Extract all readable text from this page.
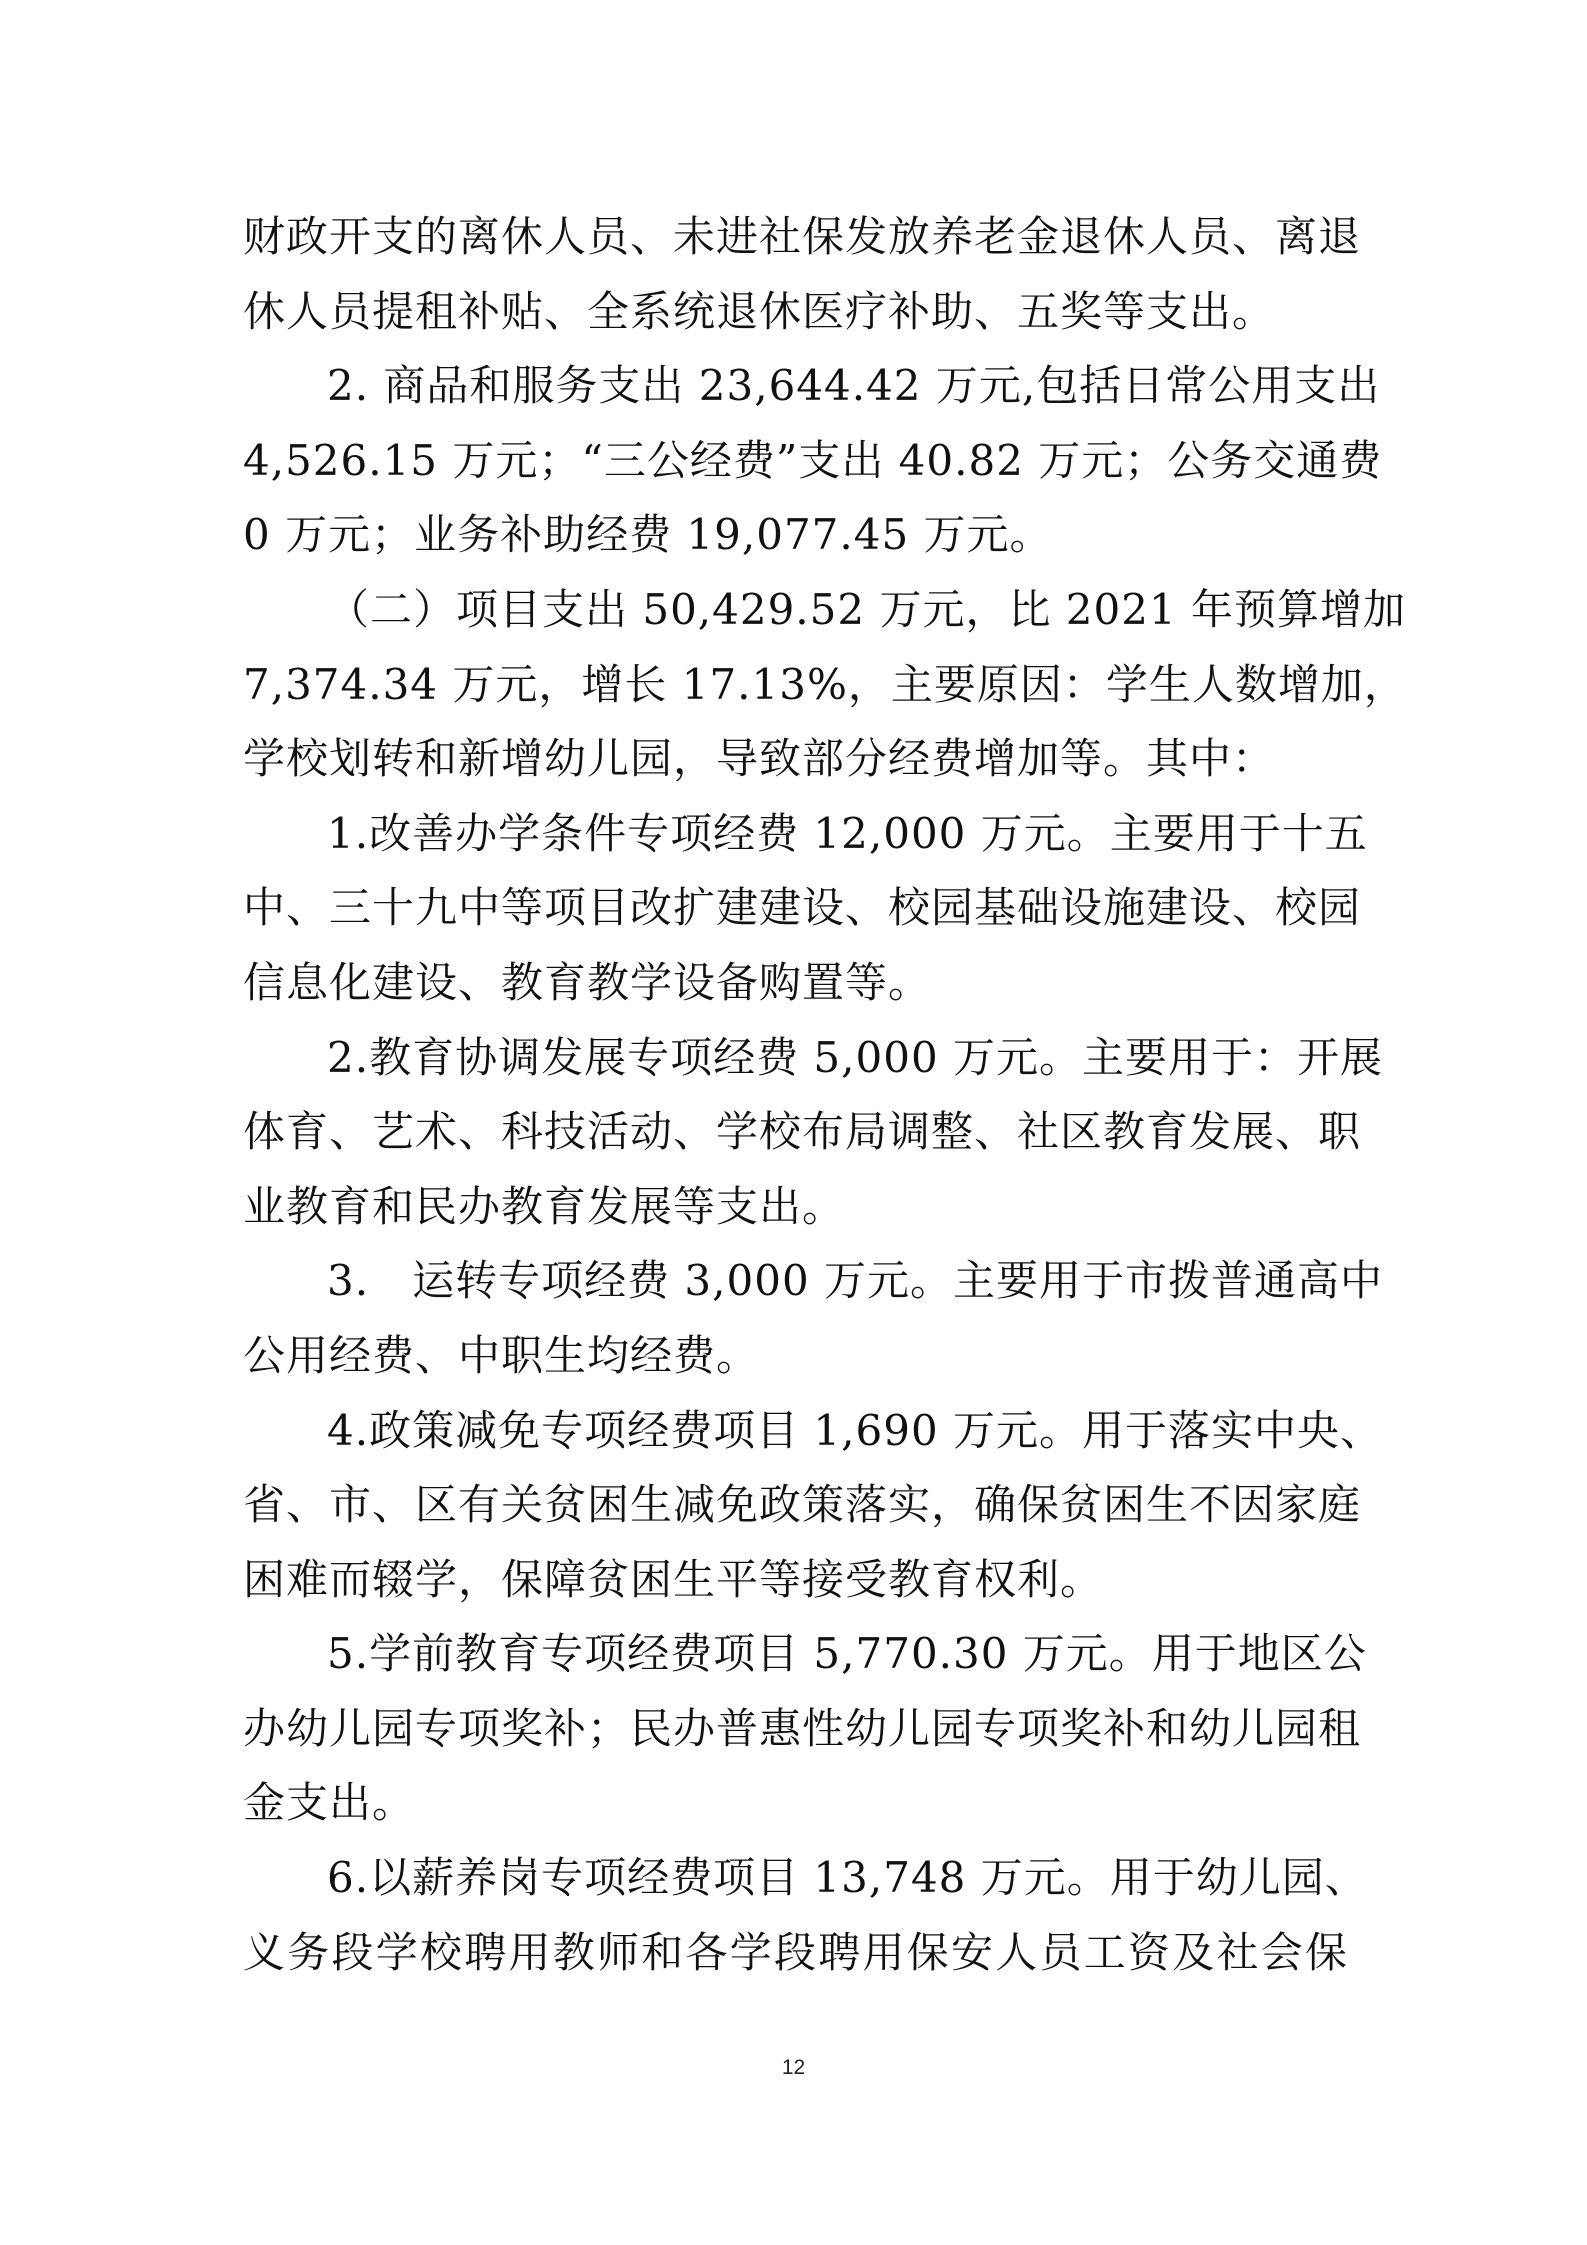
财政开支的离休人员、未进社保发放养老金退休人员、离退
休人员提租补贴、全系统退休医疗补助、五奖等支出。
2. 商品和服务支出 23,644.42 万元,包括日常公用支出
4,526.15 万元；“三公经费”支出 40.82 万元；公务交通费
0 万元；业务补助经费 19,077.45 万元。
（二）项目支出 50,429.52 万元，比 2021 年预算增加
7,374.34 万元，增长 17.13%，主要原因：学生人数增加，
学校划转和新增幼儿园，导致部分经费增加等。其中：
1.改善办学条件专项经费 12,000 万元。主要用于十五
中、三十九中等项目改扩建建设、校园基础设施建设、校园
信息化建设、教育教学设备购置等。
2.教育协调发展专项经费 5,000 万元。主要用于：开展
体育、艺术、科技活动、学校布局调整、社区教育发展、职
业教育和民办教育发展等支出。
3.　运转专项经费 3,000 万元。主要用于市拨普通高中
公用经费、中职生均经费。
4.政策减免专项经费项目 1,690 万元。用于落实中央、
省、市、区有关贫困生减免政策落实，确保贫困生不因家庭
困难而辍学，保障贫困生平等接受教育权利。
5.学前教育专项经费项目 5,770.30 万元。用于地区公
办幼儿园专项奖补；民办普惠性幼儿园专项奖补和幼儿园租
金支出。
6.以薪养岗专项经费项目 13,748 万元。用于幼儿园、
义务段学校聘用教师和各学段聘用保安人员工资及社会保
12
